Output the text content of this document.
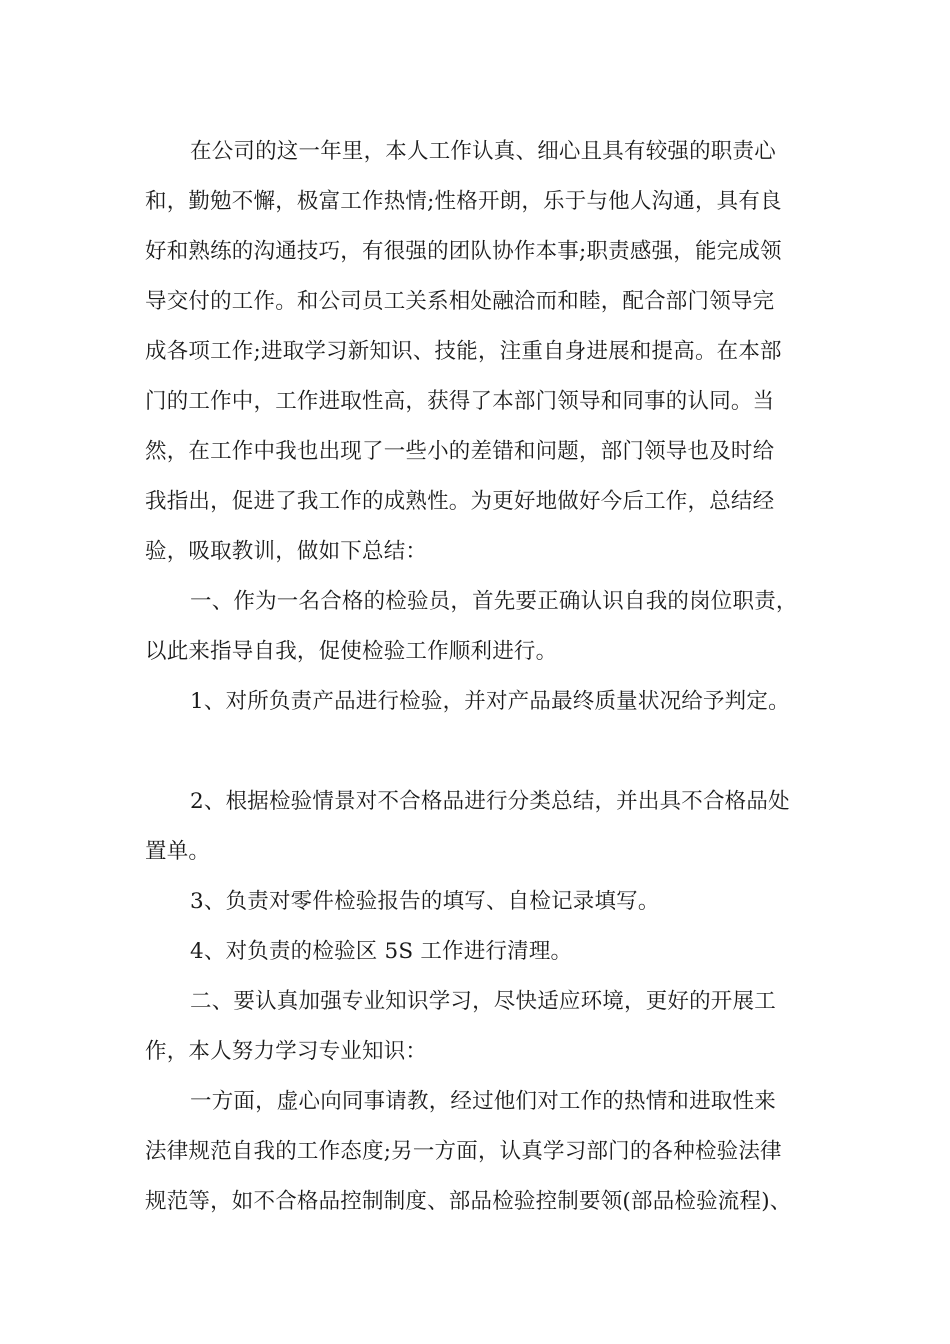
在公司的这一年里，本人工作认真、细心且具有较强的职责心
和，勤勉不懈，极富工作热情;性格开朗，乐于与他人沟通，具有良
好和熟练的沟通技巧，有很强的团队协作本事;职责感强，能完成领
导交付的工作。和公司员工关系相处融洽而和睦，配合部门领导完
成各项工作;进取学习新知识、技能，注重自身进展和提高。在本部
门的工作中，工作进取性高，获得了本部门领导和同事的认同。当
然，在工作中我也出现了一些小的差错和问题，部门领导也及时给
我指出，促进了我工作的成熟性。为更好地做好今后工作，总结经
验，吸取教训，做如下总结：
一、作为一名合格的检验员，首先要正确认识自我的岗位职责，
以此来指导自我，促使检验工作顺利进行。
1、对所负责产品进行检验，并对产品最终质量状况给予判定。
2、根据检验情景对不合格品进行分类总结，并出具不合格品处
置单。
3、负责对零件检验报告的填写、自检记录填写。
4、对负责的检验区 5S 工作进行清理。
二、要认真加强专业知识学习，尽快适应环境，更好的开展工
作，本人努力学习专业知识：
一方面，虚心向同事请教，经过他们对工作的热情和进取性来
法律规范自我的工作态度;另一方面，认真学习部门的各种检验法律
规范等，如不合格品控制制度、部品检验控制要领(部品检验流程)、
